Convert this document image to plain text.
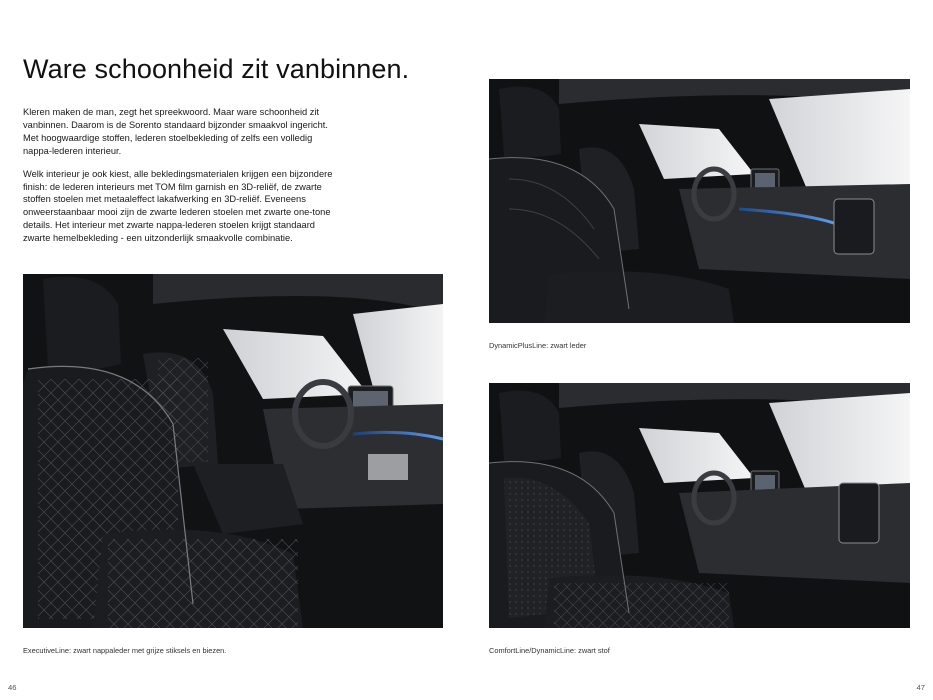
Ware schoonheid zit vanbinnen.

Kleren maken de man, zegt het spreekwoord. Maar ware schoonheid zit vanbinnen. Daarom is de Sorento standaard bijzonder smaakvol ingericht. Met hoogwaardige stoffen, lederen stoelbekleding of zelfs een volledig nappa-lederen interieur.

Welk interieur je ook kiest, alle bekledingsmaterialen krijgen een bijzondere finish: de lederen interieurs met TOM film garnish en 3D-reliëf, de zwarte stoffen stoelen met metaaleffect lakafwerking en 3D-reliëf. Eveneens onweerstaanbaar mooi zijn de zwarte lederen stoelen met zwarte one-tone details. Het interieur met zwarte nappa-lederen stoelen krijgt standaard zwarte hemelbekleding - een uitzonderlijk smaakvolle combinatie.

ExecutiveLine: zwart nappaleder met grijze stiksels en biezen.
DynamicPlusLine: zwart leder
ComfortLine/DynamicLine: zwart stof
46	47
